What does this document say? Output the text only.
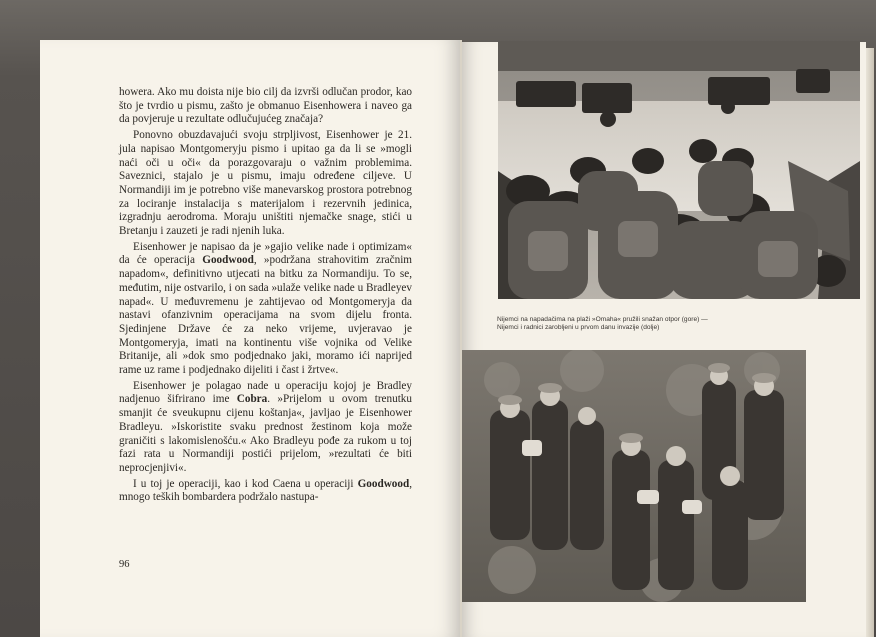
howera. Ako mu doista nije bio cilj da izvrši odlučan prodor, kao što je tvrdio u pismu, zašto je obmanuo Eisenhowera i naveo ga da povjeruje u rezultate odlučujućeg značaja?

Ponovno obuzdavajući svoju strpljivost, Eisenhower je 21. jula napisao Montgomeryju pismo i upitao ga da li se »mogli naći oči u oči« da porazgovaraju o važnim problemima. Saveznici, stajalo je u pismu, imaju određene ciljeve. U Normandiji im je potrebno više manevarskog prostora potrebnog za lociranje instalacija s materijalom i rezervnih jedinica, izgradnju aerodroma. Moraju uništiti njemačke snage, stići u Bretanju i zauzeti je radi njenih luka.

Eisenhower je napisao da je »gajio velike nade i optimizam« da će operacija Goodwood, »podržana strahovitim zračnim napadom«, definitivno utjecati na bitku za Normandiju. To se, međutim, nije ostvarilo, i on sada »ulaže velike nade u Bradleyev napad«. U međuvremenu je zahtijevao od Montgomeryja da nastavi ofanzivnim operacijama na svom dijelu fronta. Sjedinjene Države će za neko vrijeme, uvjeravao je Montgomeryja, imati na kontinentu više vojnika od Velike Britanije, ali »dok smo podjednako jaki, moramo ići naprijed rame uz rame i podjednako dijeliti i čast i žrtve«.

Eisenhower je polagao nade u operaciju kojoj je Bradley nadjenuo šifrirano ime Cobra. »Prijelom u ovom trenutku smanjit će sveukupnu cijenu koštanja«, javljao je Eisenhower Bradleyu. »Iskoristite svaku prednost žestinom koja može graničiti s lakomislenošću.« Ako Bradleyu pođe za rukom u toj fazi rata u Normandiji postići prijelom, »rezultati će biti neprocjenjivi«.

I u toj je operaciji, kao i kod Caena u operaciji Goodwood, mnogo teških bombardera podržalo nastupa-

96
Nijemci na napadačima na plaži »Omaha« pružili snažan otpor (gore) — Nijemci i radnici zarobljeni u prvom danu invazije (dolje)
